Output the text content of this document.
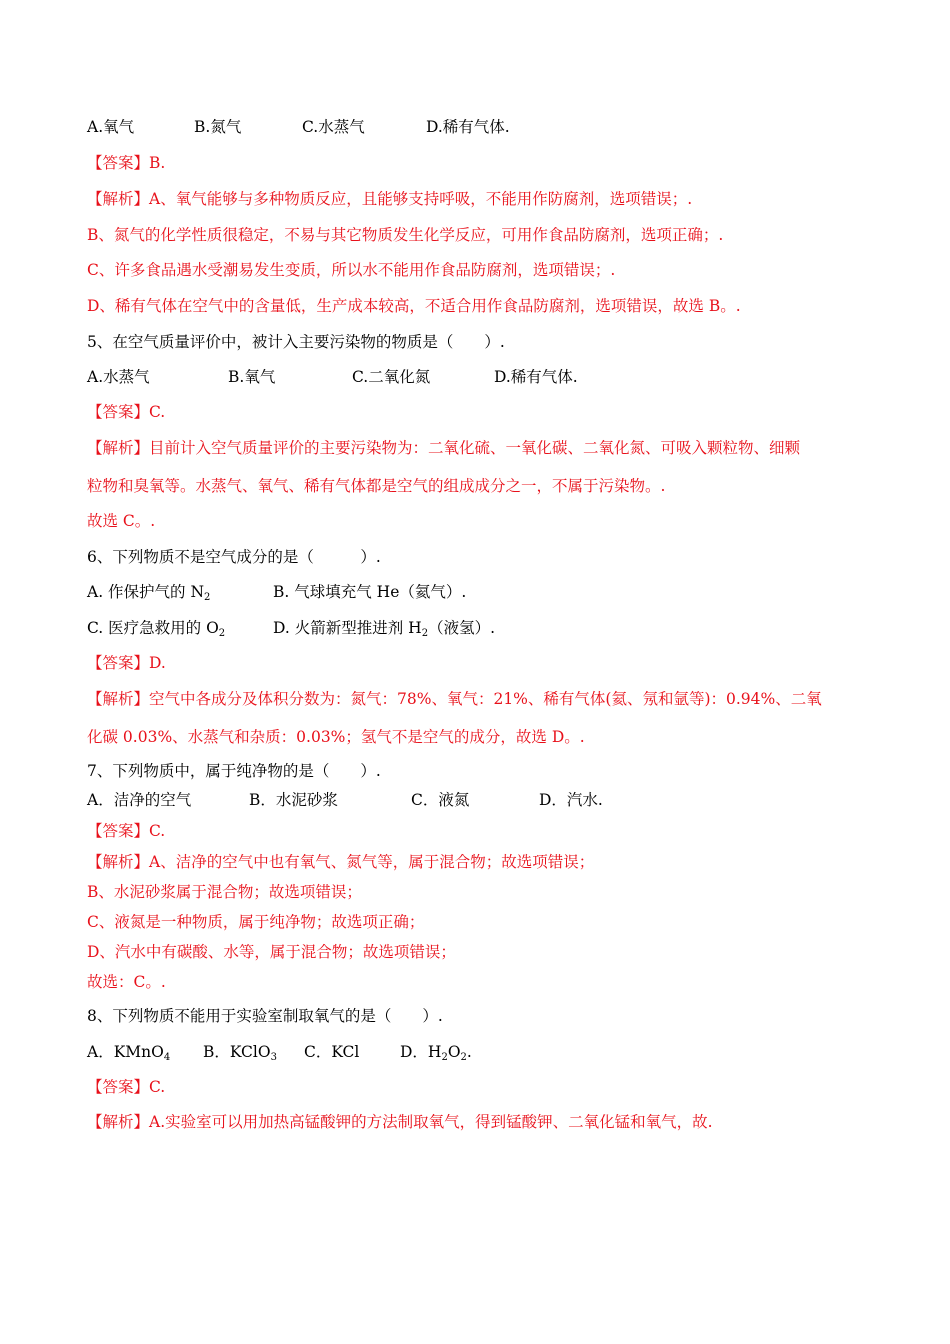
A.氧气	B.氮气	C.水蒸气	D.稀有气体.
【答案】B.
【解析】A、氧气能够与多种物质反应，且能够支持呼吸，不能用作防腐剂，选项错误；.
B、氮气的化学性质很稳定，不易与其它物质发生化学反应，可用作食品防腐剂，选项正确；.
C、许多食品遇水受潮易发生变质，所以水不能用作食品防腐剂，选项错误；.
D、稀有气体在空气中的含量低，生产成本较高，不适合用作食品防腐剂，选项错误，故选 B。.
5、在空气质量评价中，被计入主要污染物的物质是（　　）.
A.水蒸气	B.氧气	C.二氧化氮	D.稀有气体.
【答案】C.
【解析】目前计入空气质量评价的主要污染物为：二氧化硫、一氧化碳、二氧化氮、可吸入颗粒物、细颗
粒物和臭氧等。水蒸气、氧气、稀有气体都是空气的组成成分之一，不属于污染物。.
故选 C。.
6、下列物质不是空气成分的是（　　　）.
A. 作保护气的 $N_2$	B. 气球填充气 He（氦气）.
C. 医疗急救用的 $O_2$	D. 火箭新型推进剂 $H_2$（液氢）.
【答案】D.
【解析】空气中各成分及体积分数为：氮气：78%、氧气：21%、稀有气体(氦、氖和氩等)：0.94%、二氧
化碳 0.03%、水蒸气和杂质：0.03%；氢气不是空气的成分，故选 D。.
7、下列物质中，属于纯净物的是（　　）.
A．洁净的空气	B．水泥砂浆	C．液氮	D．汽水.
【答案】C.
【解析】A、洁净的空气中也有氧气、氮气等，属于混合物；故选项错误；
B、水泥砂浆属于混合物；故选项错误；
C、液氮是一种物质，属于纯净物；故选项正确；
D、汽水中有碳酸、水等，属于混合物；故选项错误；
故选：C。.
8、下列物质不能用于实验室制取氧气的是（　　）.
A．KMnO$_4$ B．KClO$_3$ C．KCl	D．$H_2O_2$.
【答案】C.
【解析】A.实验室可以用加热高锰酸钾的方法制取氧气，得到锰酸钾、二氧化锰和氧气，故.
